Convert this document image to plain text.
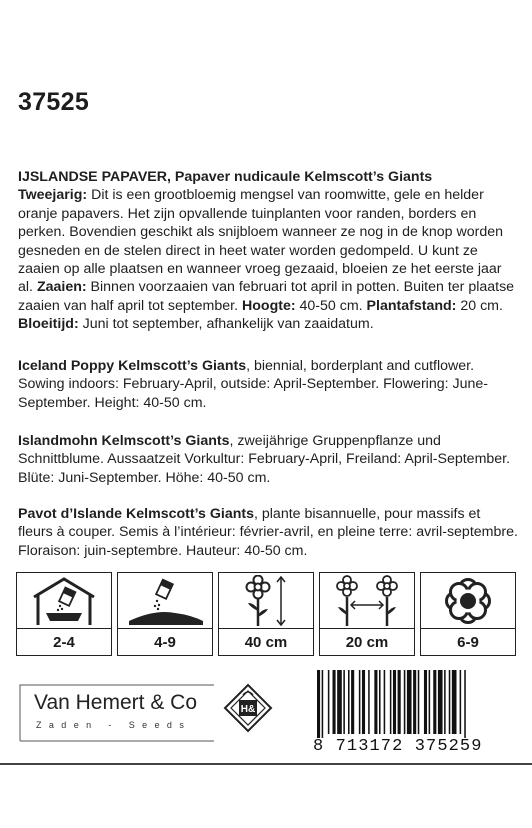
37525
IJSLANDSE PAPAVER, Papaver nudicaule Kelmscott’s Giants
Tweejarig: Dit is een grootbloemig mengsel van roomwitte, gele en helder oranje papavers. Het zijn opvallende tuinplanten voor randen, borders en perken. Bovendien geschikt als snijbloem wanneer ze nog in de knop worden gesneden en de stelen direct in heet water worden gedompeld. U kunt ze zaaien op alle plaatsen en wanneer vroeg gezaaid, bloeien ze het eerste jaar al. Zaaien: Binnen voorzaaien van februari tot april in potten. Buiten ter plaatse zaaien van half april tot september. Hoogte: 40-50 cm. Plantafstand: 20 cm. Bloeitijd: Juni tot september, afhankelijk van zaaidatum.
Iceland Poppy Kelmscott’s Giants, biennial, borderplant and cutflower. Sowing indoors: February-April, outside: April-September. Flowering: June-September. Height: 40-50 cm.
Islandmohn Kelmscott’s Giants, zweijährige Gruppenpflanze und Schnittblume. Aussaatzeit Vorkultur: February-April, Freiland: April-September. Blüte: Juni-September. Höhe: 40-50 cm.
Pavot d’Islande Kelmscott’s Giants, plante bisannuelle, pour massifs et fleurs à couper. Semis à l’intérieur: février-avril, en pleine terre: avril-septembre. Floraison: juin-septembre. Hauteur: 40-50 cm.
2-4	4-9	40 cm	20 cm	6-9
Van Hemert & Co
Zaden - Seeds
H&
8 713172 375259
